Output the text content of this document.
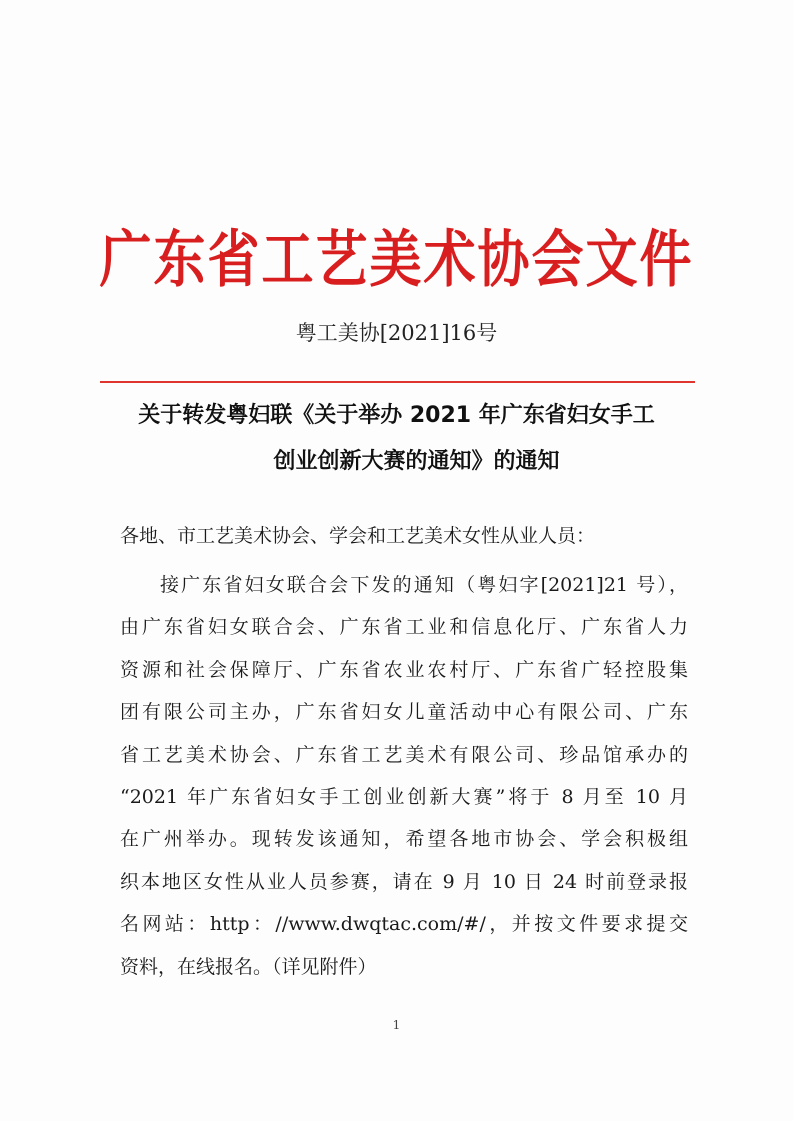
广东省工艺美术协会文件
粤工美协[2021]16号
关于转发粤妇联《关于举办 2021 年广东省妇女手工
创业创新大赛的通知》的通知
各地、市工艺美术协会、学会和工艺美术女性从业人员：
接广东省妇女联合会下发的通知（粤妇字[2021]21 号），
由广东省妇女联合会、广东省工业和信息化厅、广东省人力
资源和社会保障厅、广东省农业农村厅、广东省广轻控股集
团有限公司主办，广东省妇女儿童活动中心有限公司、广东
省工艺美术协会、广东省工艺美术有限公司、珍品馆承办的
“2021 年广东省妇女手工创业创新大赛”将于 8 月至 10 月
在广州举办。现转发该通知，希望各地市协会、学会积极组
织本地区女性从业人员参赛，请在 9 月 10 日 24 时前登录报
名网站：http：//www.dwqtac.com/#/，并按文件要求提交
资料，在线报名。（详见附件）
1
